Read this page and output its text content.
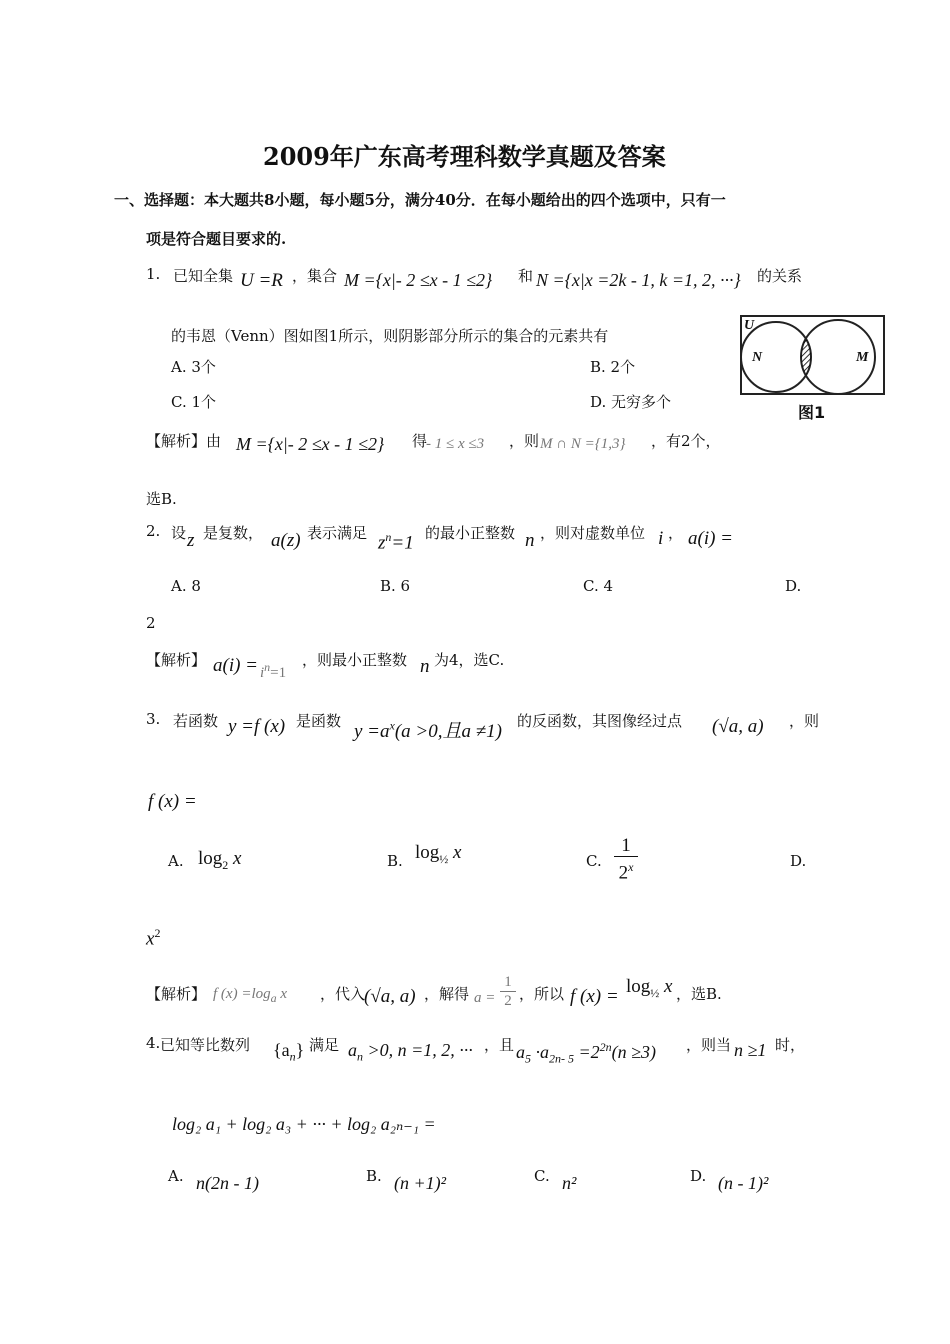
2009年广东高考理科数学真题及答案
一、选择题：本大题共8小题，每小题5分，满分40分．在每小题给出的四个选项中，只有一
项是符合题目要求的.
1. 已知全集 U =R ，集合 M ={x|- 2 ≤x - 1 ≤2} 和 N ={x|x =2k - 1, k =1, 2, ···} 的关系
的韦恩（Venn）图如图1所示，则阴影部分所示的集合的元素共有
A. 3个	B. 2个
C. 1个	D. 无穷多个
U
N	M
图1
【解析】由 M ={x|- 2 ≤x - 1 ≤2} 得
- 1 ≤ x ≤3 ，则 M ∩ N ={1,3} ，有2个，
选B.
2. 设 z 是复数， a(z) 表示满足 $z^n=1$ 的最小正整数 n ，则对虚数单位 i ， a(i) =
A. 8	B. 6	C. 4	D.
2
【解析】 $a(i) = i^n=1$
，则最小正整数 n 为4，选C.
3. 若函数 y =f (x) 是函数 $y =a^x(a >0$,且a ≠1) 的反函数，其图像经过点 (√a, a) ，则
f (x) =
A. $\log_2 x$	B. $\log_{\frac{1}{2}} x$	C. $\frac{1}{2^x}$	D.
$x^2$
【解析】 f $(x) =\log_a$ x ，代入
(√a, a) ，解得 $a = \frac{1}{2}$ ，所以 f $(x) = \log_{\frac{1}{2}} x$ ，选B.
4. 已知等比数列 $\{a_n\}$ 满足 $a_n >0$, n =1, 2, ··· ，且 $a_5 \cdot a_{2n- 5} =2^{2n}(n \ge 3)$ ，则当 n ≥1 时，
log₂ a₁ + log₂ a₃ + ··· + log₂ a₂ₙ₋₁ =
A. n(2n - 1)	B. (n +1)²	C. n²	D. (n - 1)²
